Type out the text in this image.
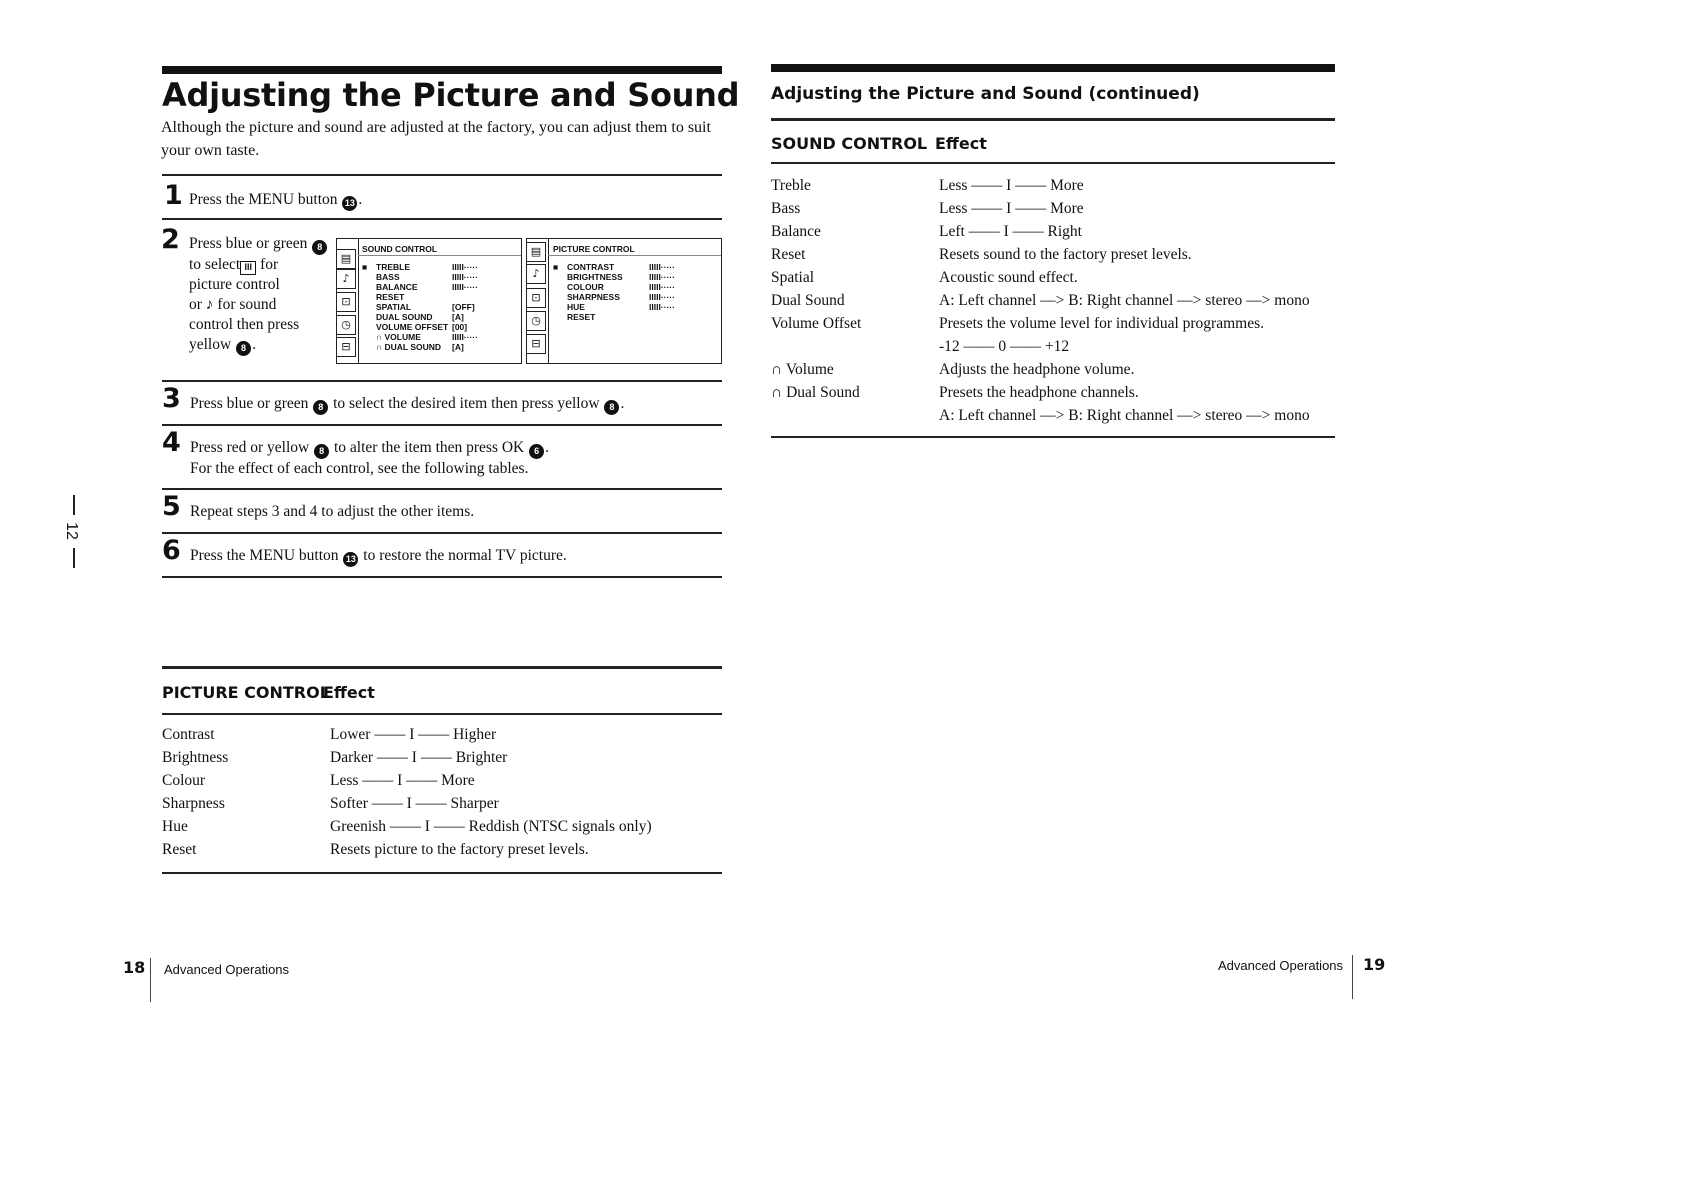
Adjusting the Picture and Sound
Although the picture and sound are adjusted at the factory, you can adjust them to suit your own taste.
1 Press the MENU button 13 .
2 Press blue or green 8
to select III for
picture control
or ♪ for sound
control then press
yellow 8 .
SOUND CONTROL
■	TREBLE	IIIII·····
BASS	IIIII·····
BALANCE	IIIII·····
RESET
SPATIAL	[OFF]
DUAL SOUND	[A]
VOLUME OFFSET [00]
∩ VOLUME	IIIII·····
∩ DUAL SOUND	[A]
▤
♪
⊡
◷
⊟
PICTURE CONTROL
■	CONTRAST	IIIII·····
BRIGHTNESS	IIIII·····
COLOUR	IIIII·····
SHARPNESS	IIIII·····
HUE	IIIII·····
RESET
▤
♪
⊡
◷
⊟
3 Press blue or green 8 to select the desired item then press yellow 8 .
4 Press red or yellow 8 to alter the item then press OK 6 .
For the effect of each control, see the following tables.
5 Repeat steps 3 and 4 to adjust the other items.
6 Press the MENU button 13 to restore the normal TV picture.
12
PICTURE CONTROL
Effect
Contrast	Lower —— I —— Higher
Brightness	Darker —— I —— Brighter
Colour	Less —— I —— More
Sharpness	Softer —— I —— Sharper
Hue	Greenish —— I —— Reddish (NTSC signals only)
Reset	Resets picture to the factory preset levels.
18 Advanced Operations
Adjusting the Picture and Sound (continued)
SOUND CONTROL Effect
Treble	Less —— I —— More
Bass	Less —— I —— More
Balance	Left —— I —— Right
Reset	Resets sound to the factory preset levels.
Spatial	Acoustic sound effect.
Dual Sound	A: Left channel —> B: Right channel —> stereo —> mono
Volume Offset	Presets the volume level for individual programmes.
-12 —— 0 —— +12
∩ Volume	Adjusts the headphone volume.
∩ Dual Sound	Presets the headphone channels.
A: Left channel —> B: Right channel —> stereo —> mono
Advanced Operations 19
